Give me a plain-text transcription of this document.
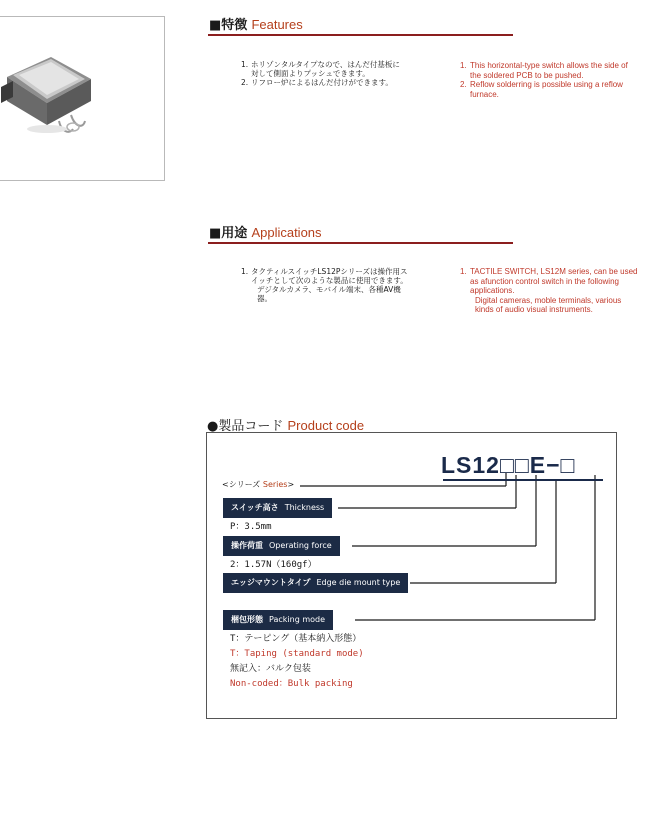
■特徴 Features
1. ホリゾンタルタイプなので、はんだ付基板に対して側面よりプッシュできます。
2. リフロー炉によるはんだ付けができます。
1. This horizontal-type switch allows the side of the soldered PCB to be pushed.
2. Reflow solderring is possible using a reflow furnace.
■用途 Applications
1. タクティルスイッチLS12Pシリーズは操作用スイッチとして次のような製品に使用できます。
デジタルカメラ、モバイル端末、各種AV機器。
1. TACTILE SWITCH, LS12M series, can be used as afunction control switch in the following applications.
Digital cameras, moble terminals, various kinds of audio visual instruments.
●製品コード Product code
LS12□□E−□
<シリーズ Series>
スイッチ高さ Thickness
P：3.5mm
操作荷重 Operating force
2：1.57N（160gf）
エッジマウントタイプ Edge die mount type
梱包形態 Packing mode
T：テーピング（基本納入形態）
T：Taping (standard mode)
無記入：バルク包装
Non-coded：Bulk packing
